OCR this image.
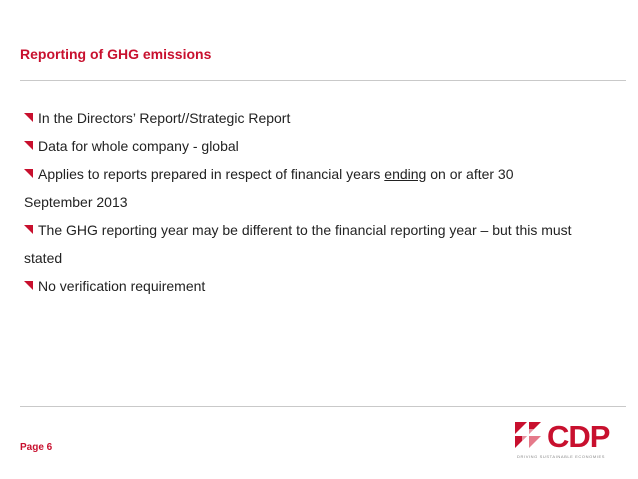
Reporting of GHG emissions
In the Directors’ Report//Strategic Report
Data for whole company - global
Applies to reports prepared in respect of financial years ending on or after 30
September 2013
The GHG reporting year may be different to the financial reporting year – but this must
stated
No verification requirement
Page 6	CDP
DRIVING SUSTAINABLE ECONOMIES
